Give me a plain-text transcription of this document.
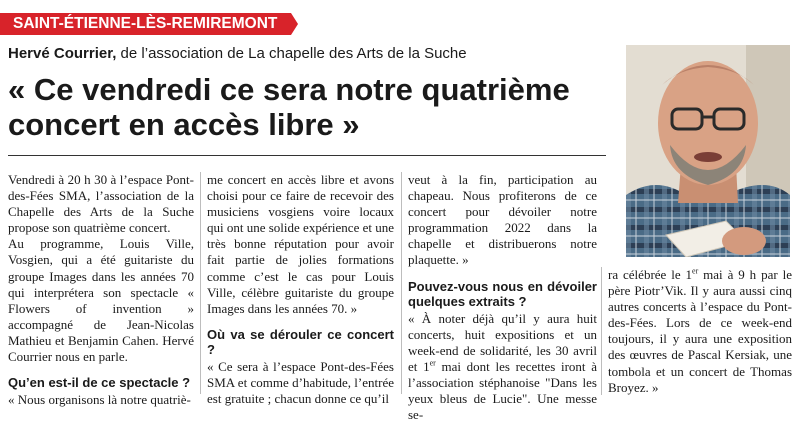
SAINT-ÉTIENNE-LÈS-REMIREMONT
Hervé Courrier, de l’association de La chapelle des Arts de la Suche
« Ce vendredi ce sera notre quatrième concert en accès libre »

Vendredi à 20 h 30 à l’espace Pont-des-Fées SMA, l’association de la Chapelle des Arts de la Suche propose son quatrième concert.

Au programme, Louis Ville, Vosgien, qui a été guitariste du groupe Images dans les années 70 qui interprétera son spectacle « Flowers of invention » accompagné de Jean-Nicolas Mathieu et Benjamin Cahen. Hervé Courrier nous en parle.

Qu’en est-il de ce spectacle ?

« Nous organisons là notre quatriè-

me concert en accès libre et avons choisi pour ce faire de recevoir des musiciens vosgiens voire locaux qui ont une solide expérience et une très bonne réputation pour avoir fait partie de jolies formations comme c’est le cas pour Louis Ville, célèbre guitariste du groupe Images dans les années 70. »

Où va se dérouler ce concert ?

« Ce sera à l’espace Pont-des-Fées SMA et comme d’habitude, l’entrée est gratuite ; chacun donne ce qu’il

veut à la fin, participation au chapeau. Nous profiterons de ce concert pour dévoiler notre programmation 2022 dans la chapelle et distribuerons notre plaquette. »

Pouvez-vous nous en dévoiler quelques extraits ?

« À noter déjà qu’il y aura huit concerts, huit expositions et un week-end de solidarité, les 30 avril et 1er mai dont les recettes iront à l’association stéphanoise "Dans les yeux bleus de Lucie". Une messe se-

ra célébrée le 1er mai à 9 h par le père Piotr’Vik. Il y aura aussi cinq autres concerts à l’espace du Pont-des-Fées. Lors de ce week-end toujours, il y aura une exposition des œuvres de Pascal Kersiak, une tombola et un concert de Thomas Broyez. »
